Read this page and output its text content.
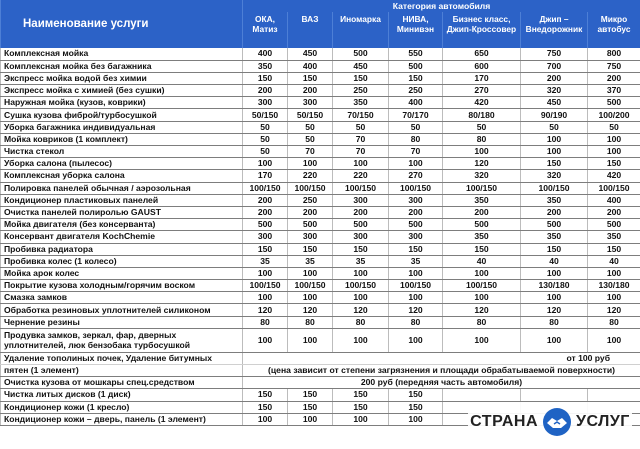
Наименование услуги	Категория автомобиля						
	ОКА, Матиз	ВАЗ	Иномарка	НИВА, Минивэн	Бизнес класс, Джип-Кроссовер	Джип – Внедорожник	Микро автобус
Комплексная мойка	400	450	500	550	650	750	800
Комплексная мойка без багажника	350	400	450	500	600	700	750
Экспресс мойка водой без химии	150	150	150	150	170	200	200
Экспресс мойка с химией (без сушки)	200	200	250	250	270	320	370
Наружная мойка (кузов, коврики)	300	300	350	400	420	450	500
Сушка кузова фиброй/турбосушкой	50/150	50/150	70/150	70/170	80/180	90/190	100/200
Уборка багажника индивидуальная	50	50	50	50	50	50	50
Мойка ковриков (1 комплект)	50	50	70	80	80	100	100
Чистка стекол	50	70	70	70	100	100	100
Уборка салона (пылесос)	100	100	100	100	120	150	150
Комплексная уборка салона	170	220	220	270	320	320	420
Полировка панелей обычная / аэрозольная	100/150	100/150	100/150	100/150	100/150	100/150	100/150
Кондиционер пластиковых панелей	200	250	300	300	350	350	400
Очистка панелей полиролью GAUST	200	200	200	200	200	200	200
Мойка двигателя (без консерванта)	500	500	500	500	500	500	500
Консервант двигателя KochChemie	300	300	300	300	350	350	350
Пробивка радиатора	150	150	150	150	150	150	150
Пробивка колес (1 колесо)	35	35	35	35	40	40	40
Мойка арок колес	100	100	100	100	100	100	100
Покрытие кузова холодным/горячим воском	100/150	100/150	100/150	100/150	100/150	130/180	130/180
Смазка замков	100	100	100	100	100	100	100
Обработка резиновых уплотнителей силиконом	120	120	120	120	120	120	120
Чернение резины	80	80	80	80	80	80	80
Продувка замков, зеркал, фар, дверных уплотнителей, люк бензобака турбосушкой	100	100	100	100	100	100	100
Удаление тополиных почек, Удаление битумных	от 100 руб						
пятен (1 элемент)	(цена зависит от степени загрязнения и площади обрабатываемой поверхности)						
Очистка кузова от мошкары спец.средством	200 руб (передняя часть автомобиля)						
Чистка литых дисков (1 диск)	150	150	150	150			
Кондиционер кожи (1 кресло)	150	150	150	150			
Кондиционер кожи – дверь, панель (1 элемент)	100	100	100	100				СТРАНА УСЛУГ
